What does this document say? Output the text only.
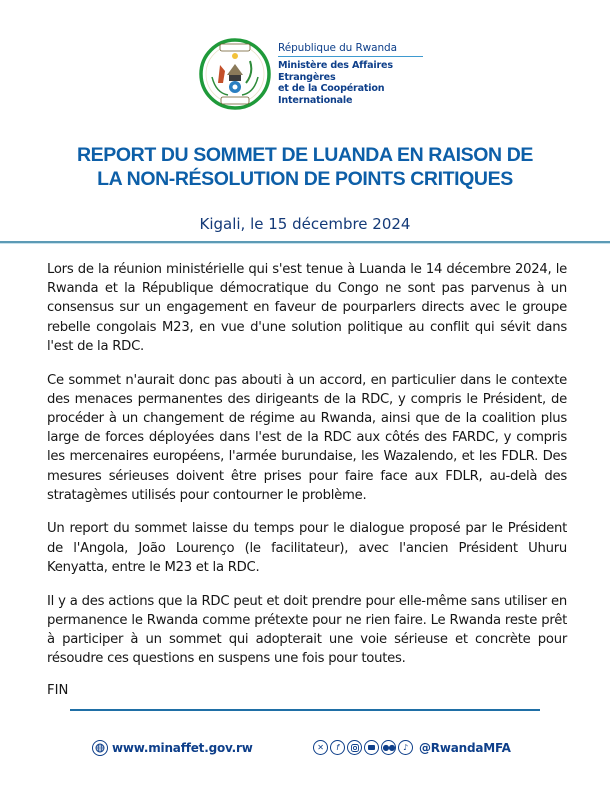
République du Rwanda
Ministère des Affaires Etrangères
et de la Coopération Internationale
REPORT DU SOMMET DE LUANDA EN RAISON DE
LA NON-RÉSOLUTION DE POINTS CRITIQUES
Kigali, le 15 décembre 2024

Lors de la réunion ministérielle qui s'est tenue à Luanda le 14 décembre 2024, le Rwanda et la République démocratique du Congo ne sont pas parvenus à un consensus sur un engagement en faveur de pourparlers directs avec le groupe rebelle congolais M23, en vue d'une solution politique au conflit qui sévit dans l'est de la RDC.

Ce sommet n'aurait donc pas abouti à un accord, en particulier dans le contexte des menaces permanentes des dirigeants de la RDC, y compris le Président, de procéder à un changement de régime au Rwanda, ainsi que de la coalition plus large de forces déployées dans l'est de la RDC aux côtés des FARDC, y compris les mercenaires européens, l'armée burundaise, les Wazalendo, et les FDLR. Des mesures sérieuses doivent être prises pour faire face aux FDLR, au-delà des stratagèmes utilisés pour contourner le problème.

Un report du sommet laisse du temps pour le dialogue proposé par le Président de l'Angola, João Lourenço (le facilitateur), avec l'ancien Président Uhuru Kenyatta, entre le M23 et la RDC.

Il y a des actions que la RDC peut et doit prendre pour elle-même sans utiliser en permanence le Rwanda comme prétexte pour ne rien faire. Le Rwanda reste prêt à participer à un sommet qui adopterait une voie sérieuse et concrète pour résoudre ces questions en suspens une fois pour toutes.

FIN
www.minaffet.gov.rw	✕	f	●●	♪ @RwandaMFA
